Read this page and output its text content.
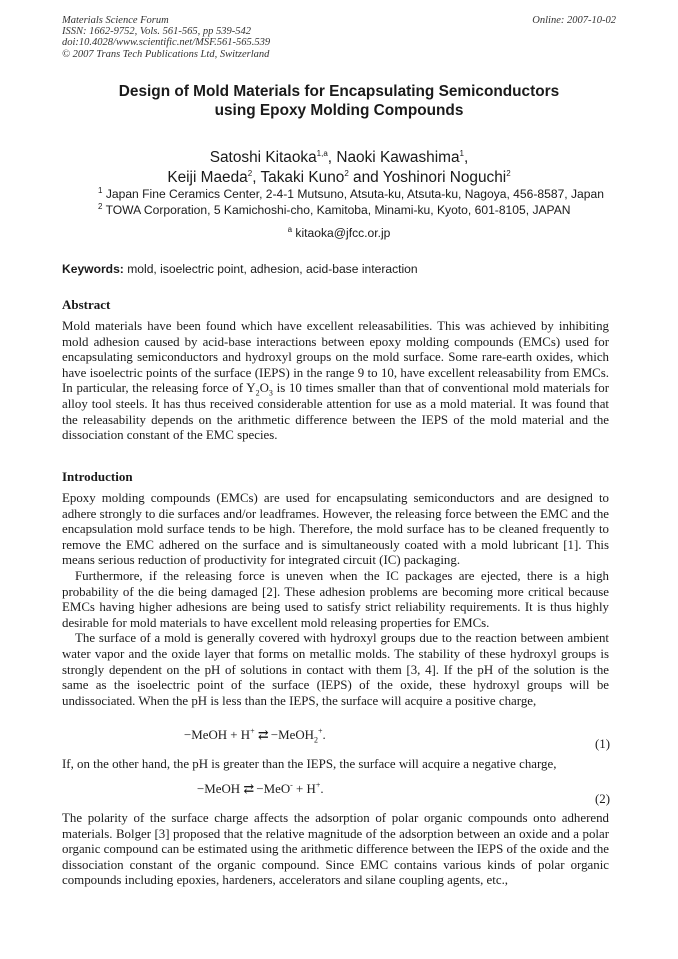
Materials Science Forum
ISSN: 1662-9752, Vols. 561-565, pp 539-542
doi:10.4028/www.scientific.net/MSF.561-565.539
© 2007 Trans Tech Publications Ltd, Switzerland
Online: 2007-10-02
Design of Mold Materials for Encapsulating Semiconductors
using Epoxy Molding Compounds
Satoshi Kitaoka$^{1,a}$, Naoki Kawashima$^1$,
Keiji Maeda$^2$, Takaki Kuno$^2$ and Yoshinori Noguchi$^2$
$^1$ Japan Fine Ceramics Center, 2-4-1 Mutsuno, Atsuta-ku, Atsuta-ku, Nagoya, 456-8587, Japan
$^2$ TOWA Corporation, 5 Kamichoshi-cho, Kamitoba, Minami-ku, Kyoto, 601-8105, JAPAN
$^a$ kitaoka@jfcc.or.jp
Keywords: mold, isoelectric point, adhesion, acid-base interaction
Abstract

Mold materials have been found which have excellent releasabilities. This was achieved by inhibiting mold adhesion caused by acid-base interactions between epoxy molding compounds (EMCs) used for encapsulating semiconductors and hydroxyl groups on the mold surface. Some rare-earth oxides, which have isoelectric points of the surface (IEPS) in the range 9 to 10, have excellent releasability from EMCs. In particular, the releasing force of $Y_2O_3$ is 10 times smaller than that of conventional mold materials for alloy tool steels. It has thus received considerable attention for use as a mold material. It was found that the releasability depends on the arithmetic difference between the IEPS of the mold material and the dissociation constant of the EMC species.

Introduction

Epoxy molding compounds (EMCs) are used for encapsulating semiconductors and are designed to adhere strongly to die surfaces and/or leadframes. However, the releasing force between the EMC and the encapsulation mold surface tends to be high. Therefore, the mold surface has to be cleaned frequently to remove the EMC adhered on the surface and is simultaneously coated with a mold lubricant [1]. This means serious reduction of productivity for integrated circuit (IC) packaging.

Furthermore, if the releasing force is uneven when the IC packages are ejected, there is a high probability of the die being damaged [2]. These adhesion problems are becoming more critical because EMCs having higher adhesions are being used to satisfy strict reliability requirements. It is thus highly desirable for mold materials to have excellent mold releasing properties for EMCs.

The surface of a mold is generally covered with hydroxyl groups due to the reaction between ambient water vapor and the oxide layer that forms on metallic molds. The stability of these hydroxyl groups is strongly dependent on the pH of solutions in contact with them [3, 4]. If the pH of the solution is the same as the isoelectric point of the surface (IEPS) of the oxide, these hydroxyl groups will be undissociated. When the pH is less than the IEPS, the surface will acquire a positive charge,

−MeOH + H+ ⇄ −MeOH$_2$+.
(1)

If, on the other hand, the pH is greater than the IEPS, the surface will acquire a negative charge,

−MeOH ⇄ −MeO- + H+.
(2)

The polarity of the surface charge affects the adsorption of polar organic compounds onto adherend materials. Bolger [3] proposed that the relative magnitude of the adsorption between an oxide and a polar organic compound can be estimated using the arithmetic difference between the IEPS of the oxide and the dissociation constant of the organic compound. Since EMC contains various kinds of polar organic compounds including epoxies, hardeners, accelerators and silane coupling agents, etc.,
